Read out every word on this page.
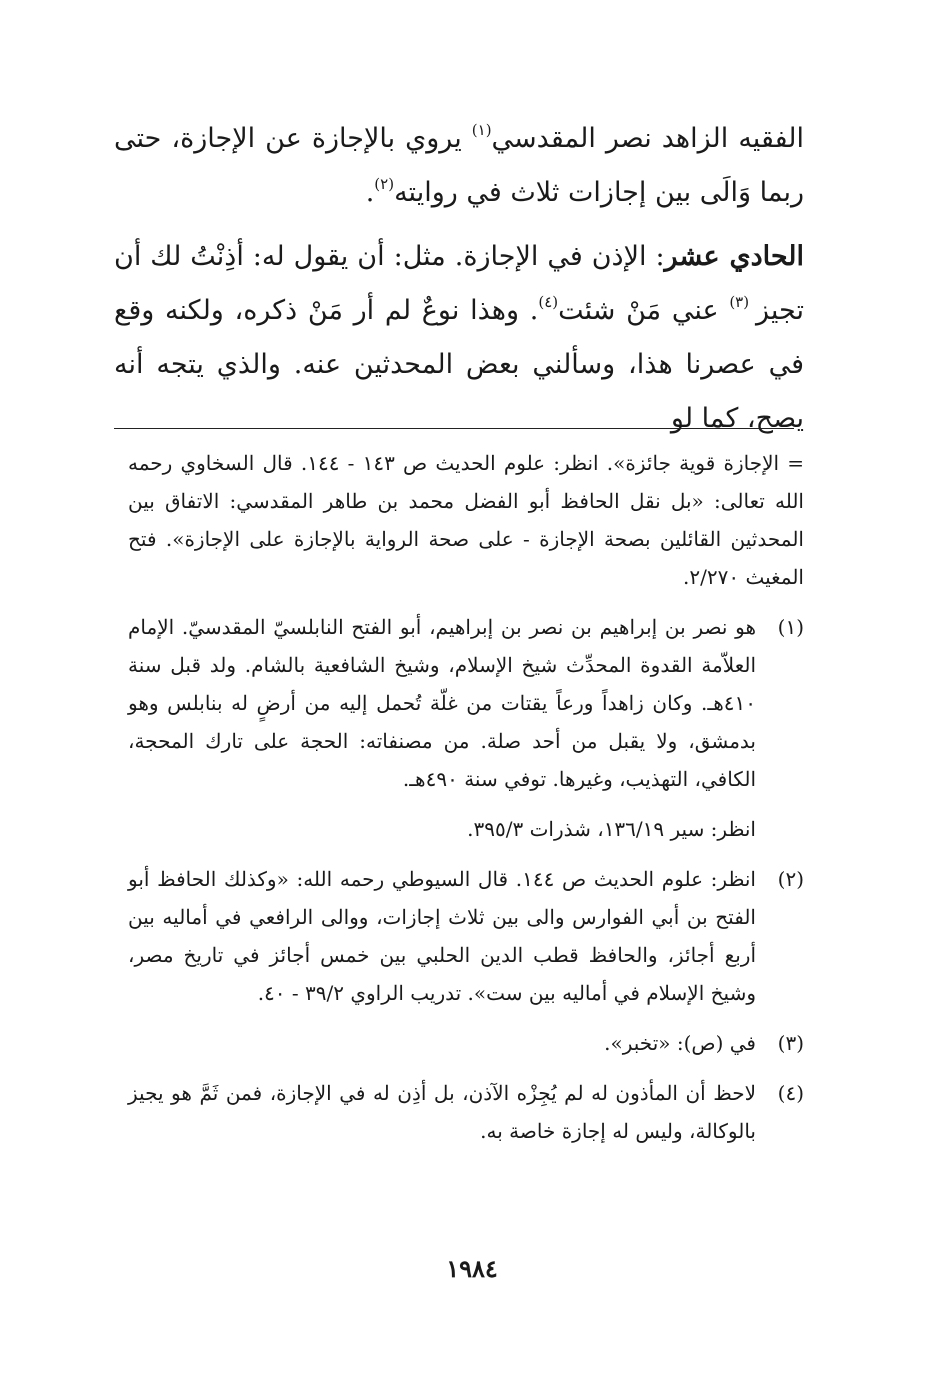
الفقيه الزاهد نصر المقدسي$^{(١)}$ يروي بالإجازة عن الإجازة، حتى ربما وَالَى بين إجازات ثلاث في روايته$^{(٢)}$.

الحادي عشر: الإذن في الإجازة. مثل: أن يقول له: أذِنْتُ لك أن تجيز $^{(٣)}$ عني مَنْ شئت$^{(٤)}$. وهذا نوعٌ لم أر مَنْ ذكره، ولكنه وقع في عصرنا هذا، وسألني بعض المحدثين عنه. والذي يتجه أنه يصح، كما لو

= الإجازة قوية جائزة». انظر: علوم الحديث ص ١٤٣ - ١٤٤. قال السخاوي رحمه الله تعالى: «بل نقل الحافظ أبو الفضل محمد بن طاهر المقدسي: الاتفاق بين المحدثين القائلين بصحة الإجازة - على صحة الرواية بالإجازة على الإجازة». فتح المغيث ٢/٢٧٠.
(١)
هو نصر بن إبراهيم بن نصر بن إبراهيم، أبو الفتح النابلسيّ المقدسيّ. الإمام العلاّمة القدوة المحدِّث شيخ الإسلام، وشيخ الشافعية بالشام. ولد قبل سنة ٤١٠هـ. وكان زاهداً ورعاً يقتات من غلّة تُحمل إليه من أرضٍ له بنابلس وهو بدمشق، ولا يقبل من أحد صلة. من مصنفاته: الحجة على تارك المحجة، الكافي، التهذيب، وغيرها. توفي سنة ٤٩٠هـ.
انظر: سير ١٣٦/١٩، شذرات ٣٩٥/٣.
(٢)
انظر: علوم الحديث ص ١٤٤. قال السيوطي رحمه الله: «وكذلك الحافظ أبو الفتح بن أبي الفوارس والى بين ثلاث إجازات، ووالى الرافعي في أماليه بين أربع أجائز، والحافظ قطب الدين الحلبي بين خمس أجائز في تاريخ مصر، وشيخ الإسلام في أماليه بين ست». تدريب الراوي ٣٩/٢ - ٤٠.
(٣)
في (ص): «تخبر».
(٤)
لاحظ أن المأذون له لم يُجِزْه الآذن، بل أذِن له في الإجازة، فمن ثَمَّ هو يجيز بالوكالة، وليس له إجازة خاصة به.
١٩٨٤
